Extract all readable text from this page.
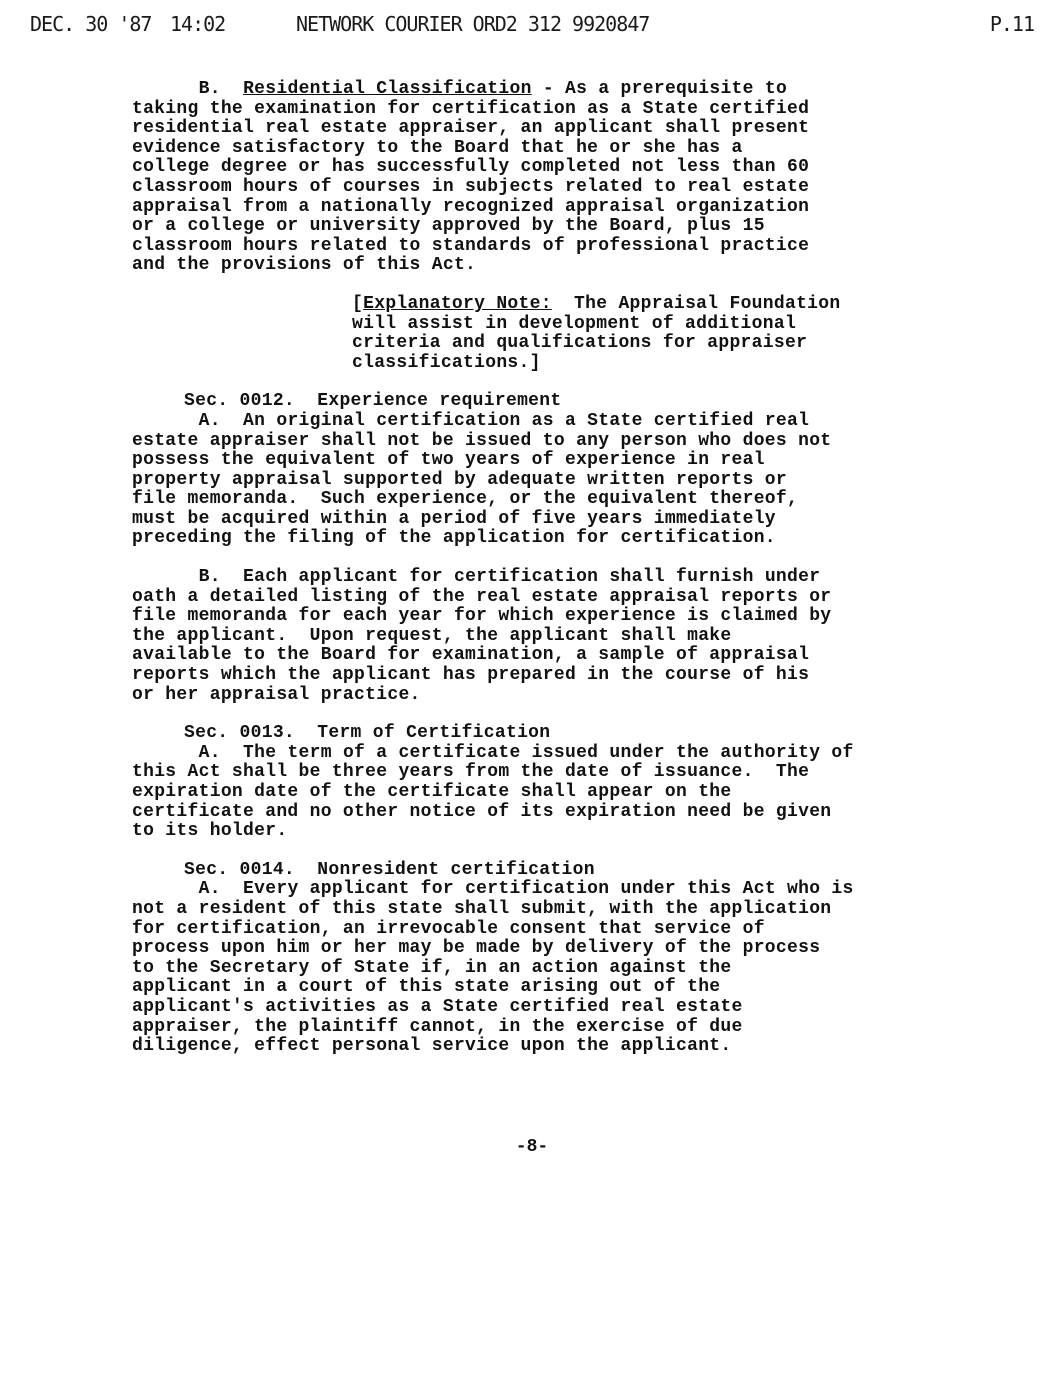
DEC. 30 '87 14:02	NETWORK COURIER ORD2 312 9920847	P.11

B. Residential Classification - As a prerequisite to

taking the examination for certification as a State certified

residential real estate appraiser, an applicant shall present

evidence satisfactory to the Board that he or she has a

college degree or has successfully completed not less than 60

classroom hours of courses in subjects related to real estate

appraisal from a nationally recognized appraisal organization

or a college or university approved by the Board, plus 15

classroom hours related to standards of professional practice

and the provisions of this Act.

[Explanatory Note:  The Appraisal Foundation

will assist in development of additional

criteria and qualifications for appraiser

classifications.]

Sec. 0012. Experience requirement

A.  An original certification as a State certified real

estate appraiser shall not be issued to any person who does not

possess the equivalent of two years of experience in real

property appraisal supported by adequate written reports or

file memoranda.  Such experience, or the equivalent thereof,

must be acquired within a period of five years immediately

preceding the filing of the application for certification.

B.  Each applicant for certification shall furnish under

oath a detailed listing of the real estate appraisal reports or

file memoranda for each year for which experience is claimed by

the applicant.  Upon request, the applicant shall make

available to the Board for examination, a sample of appraisal

reports which the applicant has prepared in the course of his

or her appraisal practice.

Sec. 0013. Term of Certification

A.  The term of a certificate issued under the authority of

this Act shall be three years from the date of issuance.  The

expiration date of the certificate shall appear on the

certificate and no other notice of its expiration need be given

to its holder.

Sec. 0014. Nonresident certification

A.  Every applicant for certification under this Act who is

not a resident of this state shall submit, with the application

for certification, an irrevocable consent that service of

process upon him or her may be made by delivery of the process

to the Secretary of State if, in an action against the

applicant in a court of this state arising out of the

applicant's activities as a State certified real estate

appraiser, the plaintiff cannot, in the exercise of due

diligence, effect personal service upon the applicant.

-8-
